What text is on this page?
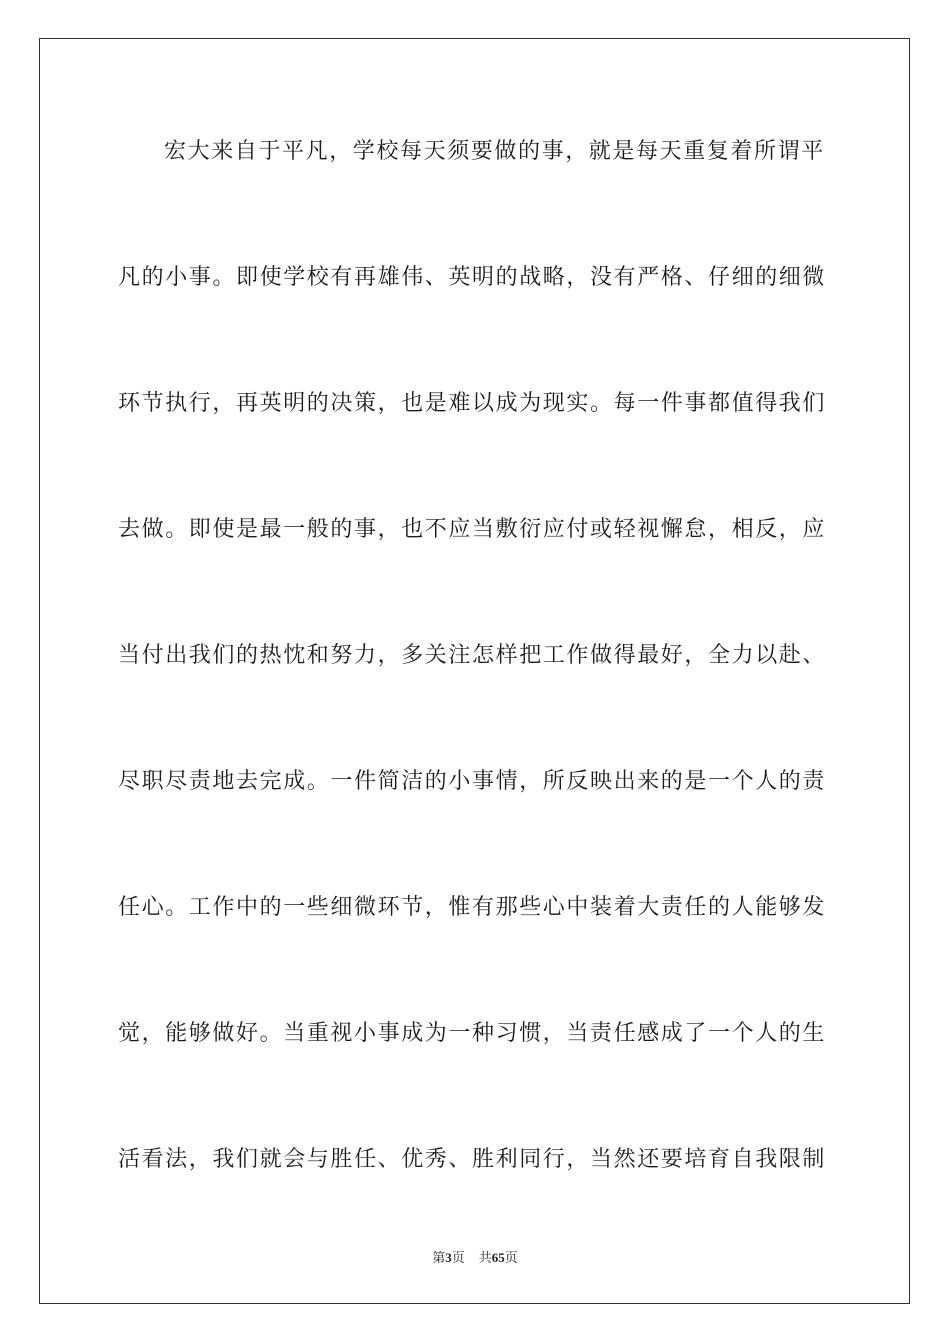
宏大来自于平凡，学校每天须要做的事，就是每天重复着所谓平
凡的小事。即使学校有再雄伟、英明的战略，没有严格、仔细的细微
环节执行，再英明的决策，也是难以成为现实。每一件事都值得我们
去做。即使是最一般的事，也不应当敷衍应付或轻视懈怠，相反，应
当付出我们的热忱和努力，多关注怎样把工作做得最好，全力以赴、
尽职尽责地去完成。一件简洁的小事情，所反映出来的是一个人的责
任心。工作中的一些细微环节，惟有那些心中装着大责任的人能够发
觉，能够做好。当重视小事成为一种习惯，当责任感成了一个人的生
活看法，我们就会与胜任、优秀、胜利同行，当然还要培育自我限制
第3页 共65页
